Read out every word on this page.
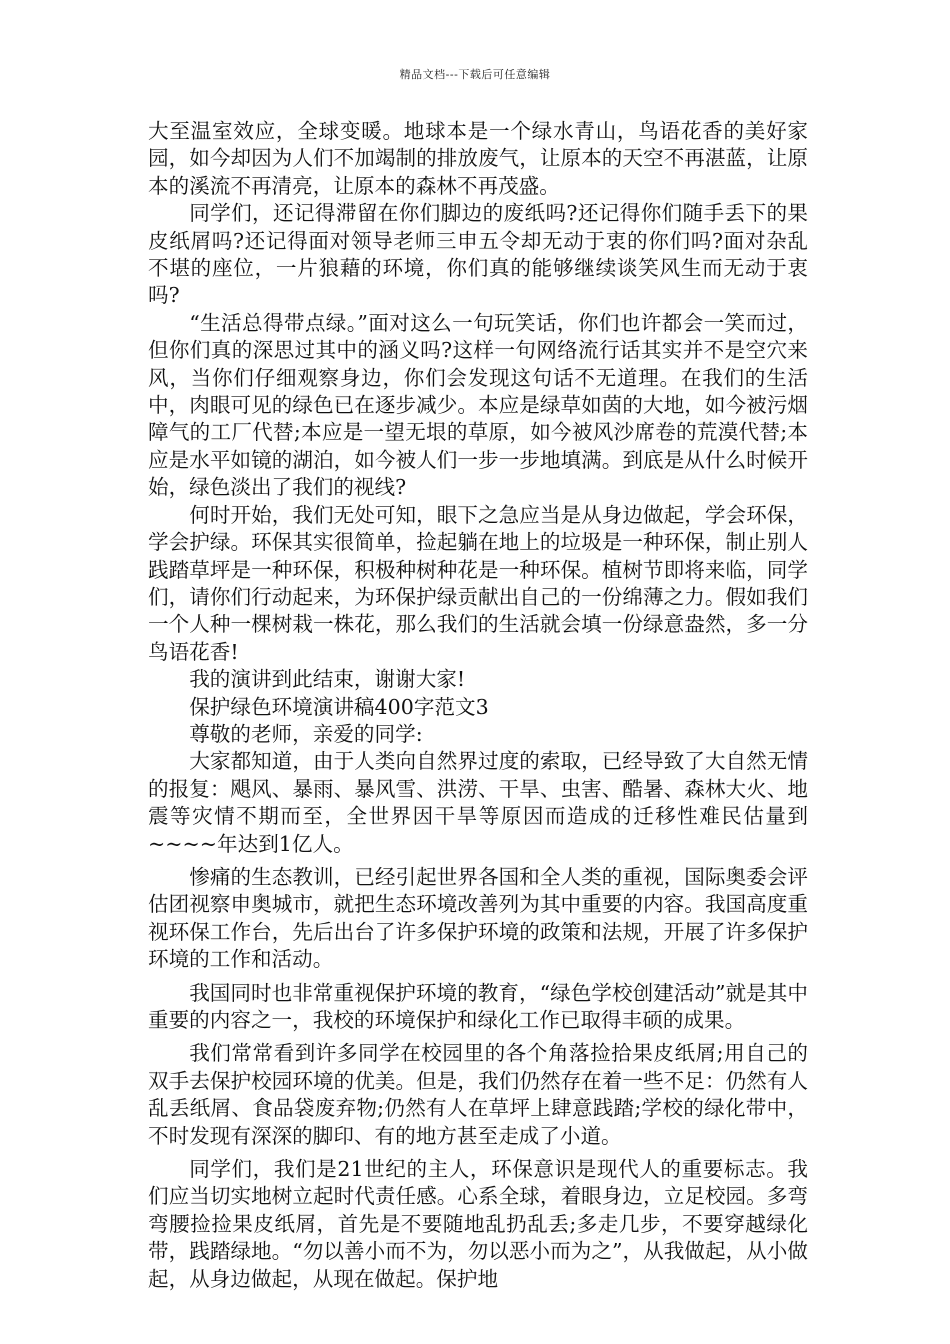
精品文档---下载后可任意编辑

大至温室效应，全球变暖。地球本是一个绿水青山，鸟语花香的美好家园，如今却因为人们不加竭制的排放废气，让原本的天空不再湛蓝，让原本的溪流不再清亮，让原本的森林不再茂盛。

同学们，还记得滞留在你们脚边的废纸吗?还记得你们随手丢下的果皮纸屑吗?还记得面对领导老师三申五令却无动于衷的你们吗?面对杂乱不堪的座位，一片狼藉的环境，你们真的能够继续谈笑风生而无动于衷吗?

“生活总得带点绿。”面对这么一句玩笑话，你们也许都会一笑而过，但你们真的深思过其中的涵义吗?这样一句网络流行话其实并不是空穴来风，当你们仔细观察身边，你们会发现这句话不无道理。在我们的生活中，肉眼可见的绿色已在逐步减少。本应是绿草如茵的大地，如今被污烟障气的工厂代替;本应是一望无垠的草原，如今被风沙席卷的荒漠代替;本应是水平如镜的湖泊，如今被人们一步一步地填满。到底是从什么时候开始，绿色淡出了我们的视线?

何时开始，我们无处可知，眼下之急应当是从身边做起，学会环保，学会护绿。环保其实很简单，捡起躺在地上的垃圾是一种环保，制止别人践踏草坪是一种环保，积极种树种花是一种环保。植树节即将来临，同学们，请你们行动起来，为环保护绿贡献出自己的一份绵薄之力。假如我们一个人种一棵树栽一株花，那么我们的生活就会填一份绿意盎然，多一分鸟语花香!

我的演讲到此结束，谢谢大家!

保护绿色环境演讲稿400字范文3

尊敬的老师，亲爱的同学:

大家都知道，由于人类向自然界过度的索取，已经导致了大自然无情的报复：飓风、暴雨、暴风雪、洪涝、干旱、虫害、酷暑、森林大火、地震等灾情不期而至，全世界因干旱等原因而造成的迁移性难民估量到~~~~年达到1亿人。

惨痛的生态教训，已经引起世界各国和全人类的重视，国际奥委会评估团视察申奥城市，就把生态环境改善列为其中重要的内容。我国高度重视环保工作台，先后出台了许多保护环境的政策和法规，开展了许多保护环境的工作和活动。

我国同时也非常重视保护环境的教育，“绿色学校创建活动”就是其中重要的内容之一，我校的环境保护和绿化工作已取得丰硕的成果。

我们常常看到许多同学在校园里的各个角落捡拾果皮纸屑;用自己的双手去保护校园环境的优美。但是，我们仍然存在着一些不足：仍然有人乱丢纸屑、食品袋废弃物;仍然有人在草坪上肆意践踏;学校的绿化带中，不时发现有深深的脚印、有的地方甚至走成了小道。

同学们，我们是21世纪的主人，环保意识是现代人的重要标志。我们应当切实地树立起时代责任感。心系全球，着眼身边，立足校园。多弯弯腰捡捡果皮纸屑，首先是不要随地乱扔乱丢;多走几步，不要穿越绿化带，践踏绿地。“勿以善小而不为，勿以恶小而为之”，从我做起，从小做起，从身边做起，从现在做起。保护地
